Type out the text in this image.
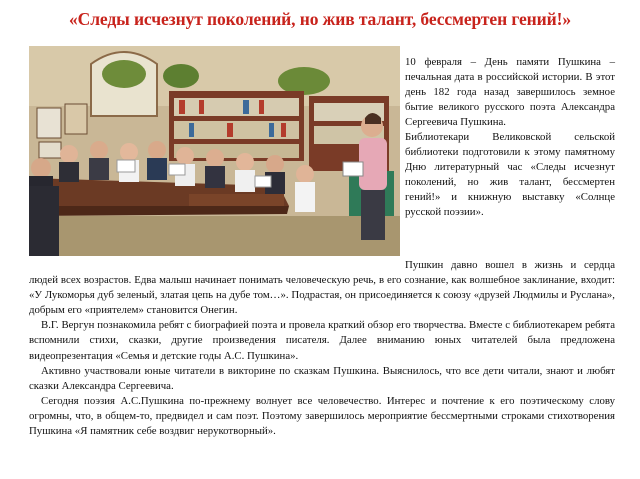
«Следы исчезнут поколений, но жив талант, бессмертен гений!»

10 февраля – День памяти Пушкина – печальная дата в российской истории. В этот день 182 года назад завершилось земное бытие великого русского поэта Александра Сергеевича Пушкина.

Библиотекари Великовской сельской библиотеки подготовили к этому памятному Дню литературный час «Следы исчезнут поколений, но жив талант, бессмертен гений!» и книжную выставку «Солнце русской поэзии».

Пушкин давно вошел в жизнь и сердца людей всех возрастов. Едва малыш начинает понимать человеческую речь, в его сознание, как волшебное заклинание, входит: «У Лукоморья дуб зеленый, златая цепь на дубе том…». Подрастая, он присоединяется к союзу «друзей Людмилы и Руслана», добрым его «приятелем» становится Онегин.

В.Г. Вергун познакомила ребят с биографией поэта и провела краткий обзор его творчества. Вместе с библиотекарем ребята вспомнили стихи, сказки, другие произведения писателя. Далее вниманию юных читателей была предложена видеопрезентация «Семья и детские годы А.С. Пушкина».

Активно участвовали юные читатели в викторине по сказкам Пушкина. Выяснилось, что все дети читали, знают и любят сказки Александра Сергеевича.

Сегодня поэзия А.С.Пушкина по-прежнему волнует все человечество. Интерес и почтение к его поэтическому слову огромны, что, в общем-то, предвидел и сам поэт. Поэтому завершилось мероприятие бессмертными строками стихотворения Пушкина «Я памятник себе воздвиг нерукотворный».
